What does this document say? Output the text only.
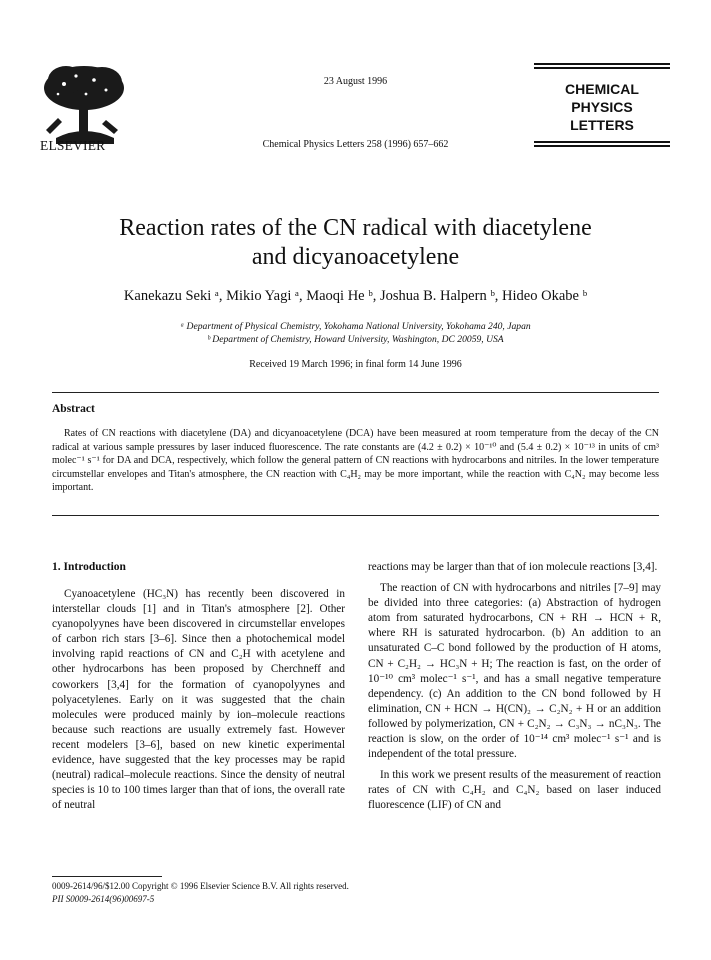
ELSEVIER
23 August 1996
Chemical Physics Letters 258 (1996) 657–662
CHEMICAL
PHYSICS
LETTERS
Reaction rates of the CN radical with diacetylene
and dicyanoacetylene
Kanekazu Seki ᵃ, Mikio Yagi ᵃ, Maoqi He ᵇ, Joshua B. Halpern ᵇ, Hideo Okabe ᵇ
ᵃ Department of Physical Chemistry, Yokohama National University, Yokohama 240, Japan
ᵇ Department of Chemistry, Howard University, Washington, DC 20059, USA
Received 19 March 1996; in final form 14 June 1996
Abstract
Rates of CN reactions with diacetylene (DA) and dicyanoacetylene (DCA) have been measured at room temperature from the decay of the CN radical at various sample pressures by laser induced fluorescence. The rate constants are (4.2 ± 0.2) × 10⁻¹⁰ and (5.4 ± 0.2) × 10⁻¹³ in units of cm³ molec⁻¹ s⁻¹ for DA and DCA, respectively, which follow the general pattern of CN reactions with hydrocarbons and nitriles. In the lower temperature circumstellar envelopes and Titan's atmosphere, the CN reaction with C₄H₂ may be more important, while the reaction with C₄N₂ may become less important.
1. Introduction

Cyanoacetylene (HC₃N) has recently been discovered in interstellar clouds [1] and in Titan's atmosphere [2]. Other cyanopolyynes have been discovered in circumstellar envelopes of carbon rich stars [3–6]. Since then a photochemical model involving rapid reactions of CN and C₂H with acetylene and other hydrocarbons has been proposed by Cherchneff and coworkers [3,4] for the formation of cyanopolyynes and polyacetylenes. Early on it was suggested that the chain molecules were produced mainly by ion–molecule reactions because such reactions are usually extremely fast. However recent modelers [3–6], based on new kinetic experimental evidence, have suggested that the key processes may be rapid (neutral) radical–molecule reactions. Since the density of neutral species is 10 to 100 times larger than that of ions, the overall rate of neutral

reactions may be larger than that of ion molecule reactions [3,4].

The reaction of CN with hydrocarbons and nitriles [7–9] may be divided into three categories: (a) Abstraction of hydrogen atom from saturated hydrocarbons, CN + RH → HCN + R, where RH is saturated hydrocarbon. (b) An addition to an unsaturated C–C bond followed by the production of H atoms, CN + C₂H₂ → HC₃N + H; The reaction is fast, on the order of 10⁻¹⁰ cm³ molec⁻¹ s⁻¹, and has a small negative temperature dependency. (c) An addition to the CN bond followed by H elimination, CN + HCN → H(CN)₂ → C₂N₂ + H or an addition followed by polymerization, CN + C₂N₂ → C₃N₃ → nC₃N₃. The reaction is slow, on the order of 10⁻¹⁴ cm³ molec⁻¹ s⁻¹ and is independent of the total pressure.

In this work we present results of the measurement of reaction rates of CN with C₄H₂ and C₄N₂ based on laser induced fluorescence (LIF) of CN and

0009-2614/96/$12.00 Copyright © 1996 Elsevier Science B.V. All rights reserved.
PII S0009-2614(96)00697-5
